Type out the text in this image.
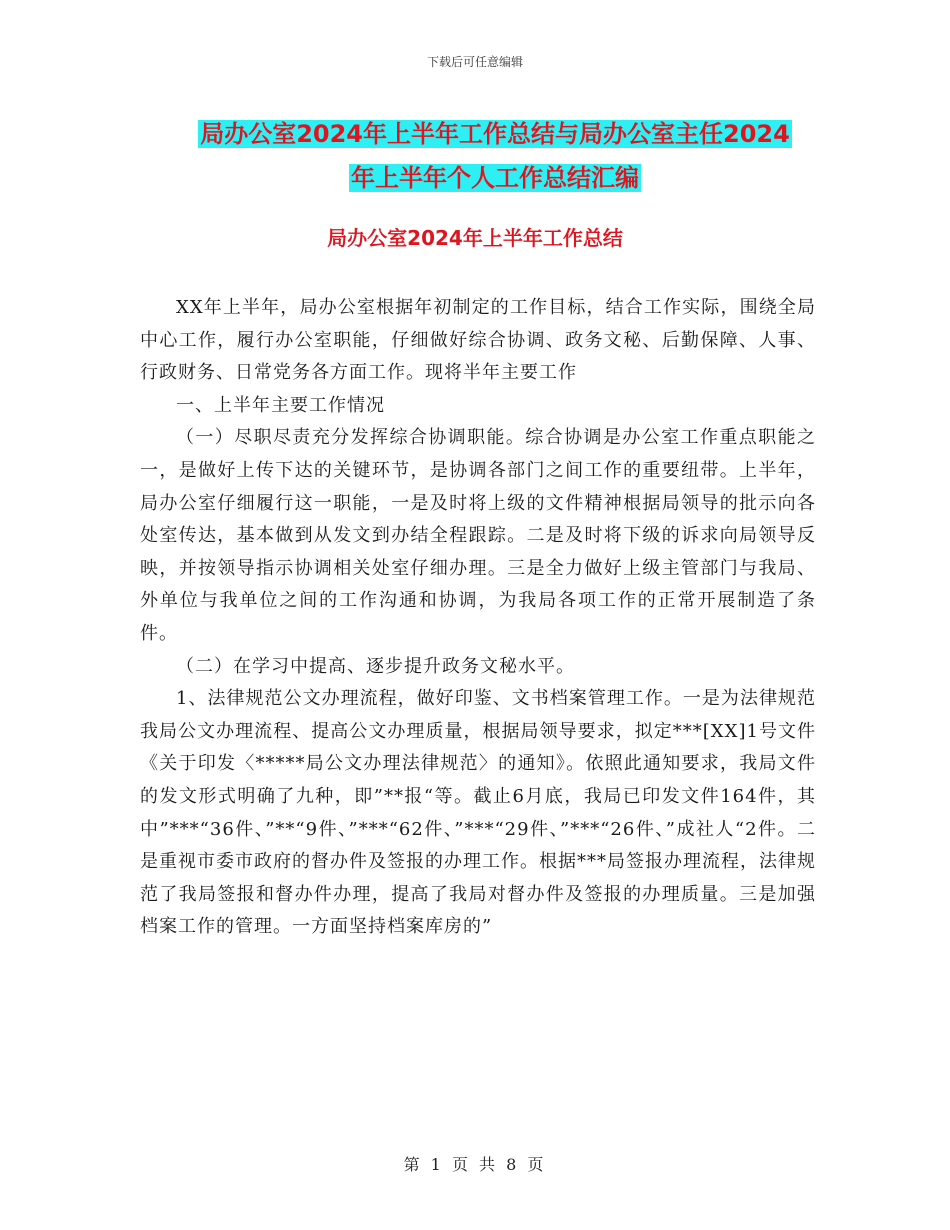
下载后可任意编辑
局办公室2024年上半年工作总结与局办公室主任2024
年上半年个人工作总结汇编
局办公室2024年上半年工作总结

XX年上半年，局办公室根据年初制定的工作目标，结合工作实际，围绕全局中心工作，履行办公室职能，仔细做好综合协调、政务文秘、后勤保障、人事、行政财务、日常党务各方面工作。现将半年主要工作

一、上半年主要工作情况

（一）尽职尽责充分发挥综合协调职能。综合协调是办公室工作重点职能之一，是做好上传下达的关键环节，是协调各部门之间工作的重要纽带。上半年，局办公室仔细履行这一职能，一是及时将上级的文件精神根据局领导的批示向各处室传达，基本做到从发文到办结全程跟踪。二是及时将下级的诉求向局领导反映，并按领导指示协调相关处室仔细办理。三是全力做好上级主管部门与我局、外单位与我单位之间的工作沟通和协调，为我局各项工作的正常开展制造了条件。

（二）在学习中提高、逐步提升政务文秘水平。

1、法律规范公文办理流程，做好印鉴、文书档案管理工作。一是为法律规范我局公文办理流程、提高公文办理质量，根据局领导要求，拟定***[XX]1号文件《关于印发〈*****局公文办理法律规范〉的通知》。依照此通知要求，我局文件的发文形式明确了九种，即”**报“等。截止6月底，我局已印发文件164件，其中”***“36件、”**“9件、”***“62件、”***“29件、”***“26件、”成社人“2件。二是重视市委市政府的督办件及签报的办理工作。根据***局签报办理流程，法律规范了我局签报和督办件办理，提高了我局对督办件及签报的办理质量。三是加强档案工作的管理。一方面坚持档案库房的”

第 1 页 共 8 页
